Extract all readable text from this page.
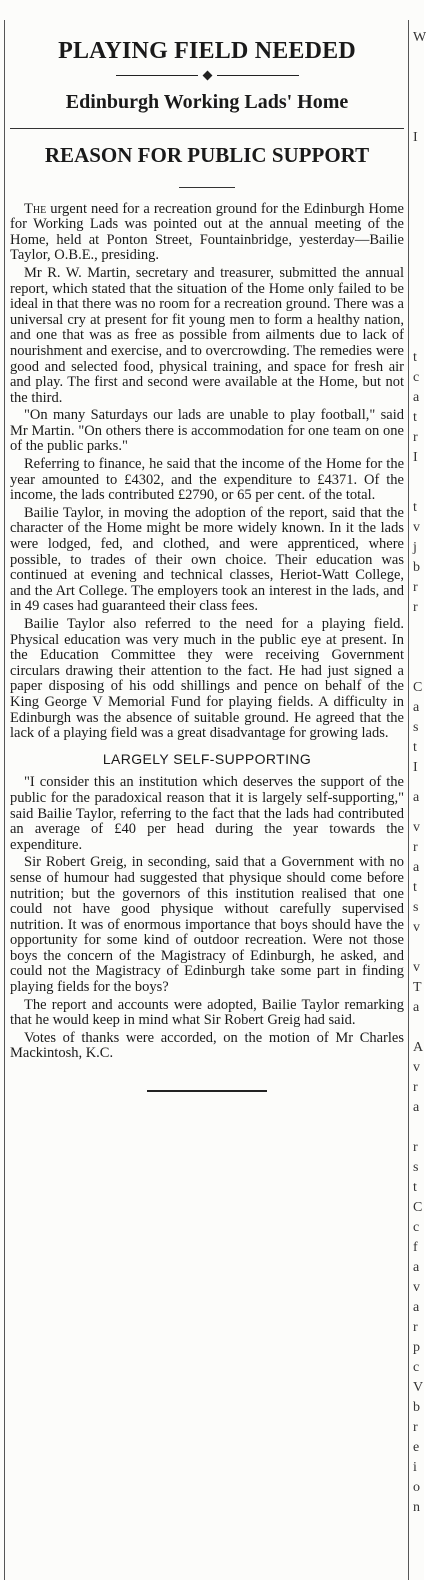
PLAYING FIELD NEEDED
Edinburgh Working Lads' Home
REASON FOR PUBLIC SUPPORT

The urgent need for a recreation ground for the Edinburgh Home for Working Lads was pointed out at the annual meeting of the Home, held at Ponton Street, Fountainbridge, yesterday—Bailie Taylor, O.B.E., presiding.

Mr R. W. Martin, secretary and treasurer, submitted the annual report, which stated that the situation of the Home only failed to be ideal in that there was no room for a recreation ground. There was a universal cry at present for fit young men to form a healthy nation, and one that was as free as possible from ailments due to lack of nourishment and exercise, and to overcrowding. The remedies were good and selected food, physical training, and space for fresh air and play. The first and second were available at the Home, but not the third.

"On many Saturdays our lads are unable to play football," said Mr Martin. "On others there is accommodation for one team on one of the public parks."

Referring to finance, he said that the income of the Home for the year amounted to £4302, and the expenditure to £4371. Of the income, the lads contributed £2790, or 65 per cent. of the total.

Bailie Taylor, in moving the adoption of the report, said that the character of the Home might be more widely known. In it the lads were lodged, fed, and clothed, and were apprenticed, where possible, to trades of their own choice. Their education was continued at evening and technical classes, Heriot-Watt College, and the Art College. The employers took an interest in the lads, and in 49 cases had guaranteed their class fees.

Bailie Taylor also referred to the need for a playing field. Physical education was very much in the public eye at present. In the Education Committee they were receiving Government circulars drawing their attention to the fact. He had just signed a paper disposing of his odd shillings and pence on behalf of the King George V Memorial Fund for playing fields. A difficulty in Edinburgh was the absence of suitable ground. He agreed that the lack of a playing field was a great disadvantage for growing lads.

LARGELY SELF-SUPPORTING

"I consider this an institution which deserves the support of the public for the paradoxical reason that it is largely self-supporting," said Bailie Taylor, referring to the fact that the lads had contributed an average of £40 per head during the year towards the expenditure.

Sir Robert Greig, in seconding, said that a Government with no sense of humour had suggested that physique should come before nutrition; but the governors of this institution realised that one could not have good physique without carefully supervised nutrition. It was of enormous importance that boys should have the opportunity for some kind of outdoor recreation. Were not those boys the concern of the Magistracy of Edinburgh, he asked, and could not the Magistracy of Edinburgh take some part in finding playing fields for the boys?

The report and accounts were adopted, Bailie Taylor remarking that he would keep in mind what Sir Robert Greig had said.

Votes of thanks were accorded, on the motion of Mr Charles Mackintosh, K.C.

W
I
t
c
a
t
r
I
t
v
j
b
r
r
C
a
s
t
I
a
v
r
a
t
s
v
v
T
a
A
v
r
a
r
s
t
C
c
f
a
v
a
r
p
c
V
b
r
e
i
o
n
